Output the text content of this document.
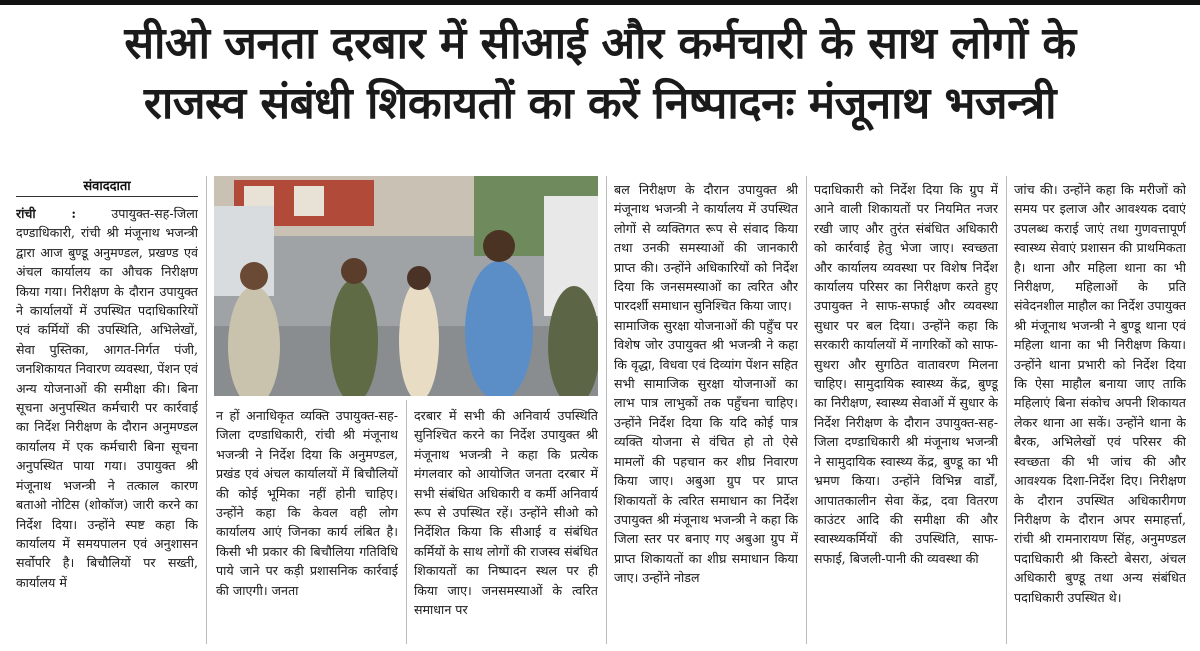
सीओ जनता दरबार में सीआई और कर्मचारी के साथ लोगों के
राजस्व संबंधी शिकायतों का करें निष्पादनः मंजूनाथ भजन्त्री
संवाददाता

रांची :	उपायुक्त-सह-जिला दण्डाधिकारी, रांची श्री मंजूनाथ भजन्त्री द्वारा आज बुण्डू अनुमण्डल, प्रखण्ड एवं अंचल कार्यालय का औचक निरीक्षण किया गया। निरीक्षण के दौरान उपायुक्त ने कार्यालयों में उपस्थित पदाधिकारियों एवं कर्मियों की उपस्थिति, अभिलेखों, सेवा पुस्तिका, आगत-निर्गत पंजी, जनशिकायत निवारण व्यवस्था, पेंशन एवं अन्य योजनाओं की समीक्षा की। बिना सूचना अनुपस्थित कर्मचारी पर कार्रवाई का निर्देश निरीक्षण के दौरान अनुमण्डल कार्यालय में एक कर्मचारी बिना सूचना अनुपस्थित पाया गया। उपायुक्त श्री मंजूनाथ भजन्त्री ने तत्काल कारण बताओ नोटिस (शोकॉज) जारी करने का निर्देश दिया। उन्होंने स्पष्ट कहा कि कार्यालय में समयपालन एवं अनुशासन सर्वोपरि है। बिचौलियों पर सख्ती, कार्यालय में

न हों अनाधिकृत व्यक्ति उपायुक्त-सह-जिला दण्डाधिकारी, रांची श्री मंजूनाथ भजन्त्री ने निर्देश दिया कि अनुमण्डल, प्रखंड एवं अंचल कार्यालयों में बिचौलियों की कोई भूमिका नहीं होनी चाहिए। उन्होंने कहा कि केवल वही लोग कार्यालय आएं जिनका कार्य लंबित है। किसी भी प्रकार की बिचौलिया गतिविधि पाये जाने पर कड़ी प्रशासनिक कार्रवाई की जाएगी। जनता

दरबार में सभी की अनिवार्य उपस्थिति सुनिश्चित करने का निर्देश उपायुक्त श्री मंजूनाथ भजन्त्री ने कहा कि प्रत्येक मंगलवार को आयोजित जनता दरबार में सभी संबंधित अधिकारी व कर्मी अनिवार्य रूप से उपस्थित रहें। उन्होंने सीओ को निर्देशित किया कि सीआई व संबंधित कर्मियों के साथ लोगों की राजस्व संबंधित शिकायतों का निष्पादन स्थल पर ही किया जाए। जनसमस्याओं के त्वरित समाधान पर

बल निरीक्षण के दौरान उपायुक्त श्री मंजूनाथ भजन्त्री ने कार्यालय में उपस्थित लोगों से व्यक्तिगत रूप से संवाद किया तथा उनकी समस्याओं की जानकारी प्राप्त की। उन्होंने अधिकारियों को निर्देश दिया कि जनसमस्याओं का त्वरित और पारदर्शी समाधान सुनिश्चित किया जाए।

सामाजिक सुरक्षा योजनाओं की पहुँच पर विशेष जोर उपायुक्त श्री भजन्त्री ने कहा कि वृद्धा, विधवा एवं दिव्यांग पेंशन सहित सभी सामाजिक सुरक्षा योजनाओं का लाभ पात्र लाभुकों तक पहुँचना चाहिए। उन्होंने निर्देश दिया कि यदि कोई पात्र व्यक्ति योजना से वंचित हो तो ऐसे मामलों की पहचान कर शीघ्र निवारण किया जाए। अबुआ ग्रुप पर प्राप्त शिकायतों के त्वरित समाधान का निर्देश उपायुक्त श्री मंजूनाथ भजन्त्री ने कहा कि जिला स्तर पर बनाए गए अबुआ ग्रुप में प्राप्त शिकायतों का शीघ्र समाधान किया जाए। उन्होंने नोडल

पदाधिकारी को निर्देश दिया कि ग्रुप में आने वाली शिकायतों पर नियमित नजर रखी जाए और तुरंत संबंधित अधिकारी को कार्रवाई हेतु भेजा जाए। स्वच्छता और कार्यालय व्यवस्था पर विशेष निर्देश कार्यालय परिसर का निरीक्षण करते हुए उपायुक्त ने साफ-सफाई और व्यवस्था सुधार पर बल दिया। उन्होंने कहा कि सरकारी कार्यालयों में नागरिकों को साफ-सुथरा और सुगठित वातावरण मिलना चाहिए। सामुदायिक स्वास्थ्य केंद्र, बुण्डू का निरीक्षण, स्वास्थ्य सेवाओं में सुधार के निर्देश निरीक्षण के दौरान उपायुक्त-सह-जिला दण्डाधिकारी श्री मंजूनाथ भजन्त्री ने सामुदायिक स्वास्थ्य केंद्र, बुण्डू का भी भ्रमण किया। उन्होंने विभिन्न वार्डों, आपातकालीन सेवा केंद्र, दवा वितरण काउंटर आदि की समीक्षा की और स्वास्थ्यकर्मियों की उपस्थिति, साफ-सफाई, बिजली-पानी की व्यवस्था की

जांच की। उन्होंने कहा कि मरीजों को समय पर इलाज और आवश्यक दवाएं उपलब्ध कराई जाएं तथा गुणवत्तापूर्ण स्वास्थ्य सेवाएं प्रशासन की प्राथमिकता है। थाना और महिला थाना का भी निरीक्षण, महिलाओं के प्रति संवेदनशील माहौल का निर्देश उपायुक्त श्री मंजूनाथ भजन्त्री ने बुण्डू थाना एवं महिला थाना का भी निरीक्षण किया। उन्होंने थाना प्रभारी को निर्देश दिया कि ऐसा माहौल बनाया जाए ताकि महिलाएं बिना संकोच अपनी शिकायत लेकर थाना आ सकें। उन्होंने थाना के बैरक, अभिलेखों एवं परिसर की स्वच्छता की भी जांच की और आवश्यक दिशा-निर्देश दिए। निरीक्षण के दौरान उपस्थित अधिकारीगण निरीक्षण के दौरान अपर समाहर्त्ता, रांची श्री रामनारायण सिंह, अनुमण्डल पदाधिकारी श्री किस्टो बेसरा, अंचल अधिकारी बुण्डू तथा अन्य संबंधित पदाधिकारी उपस्थित थे।
